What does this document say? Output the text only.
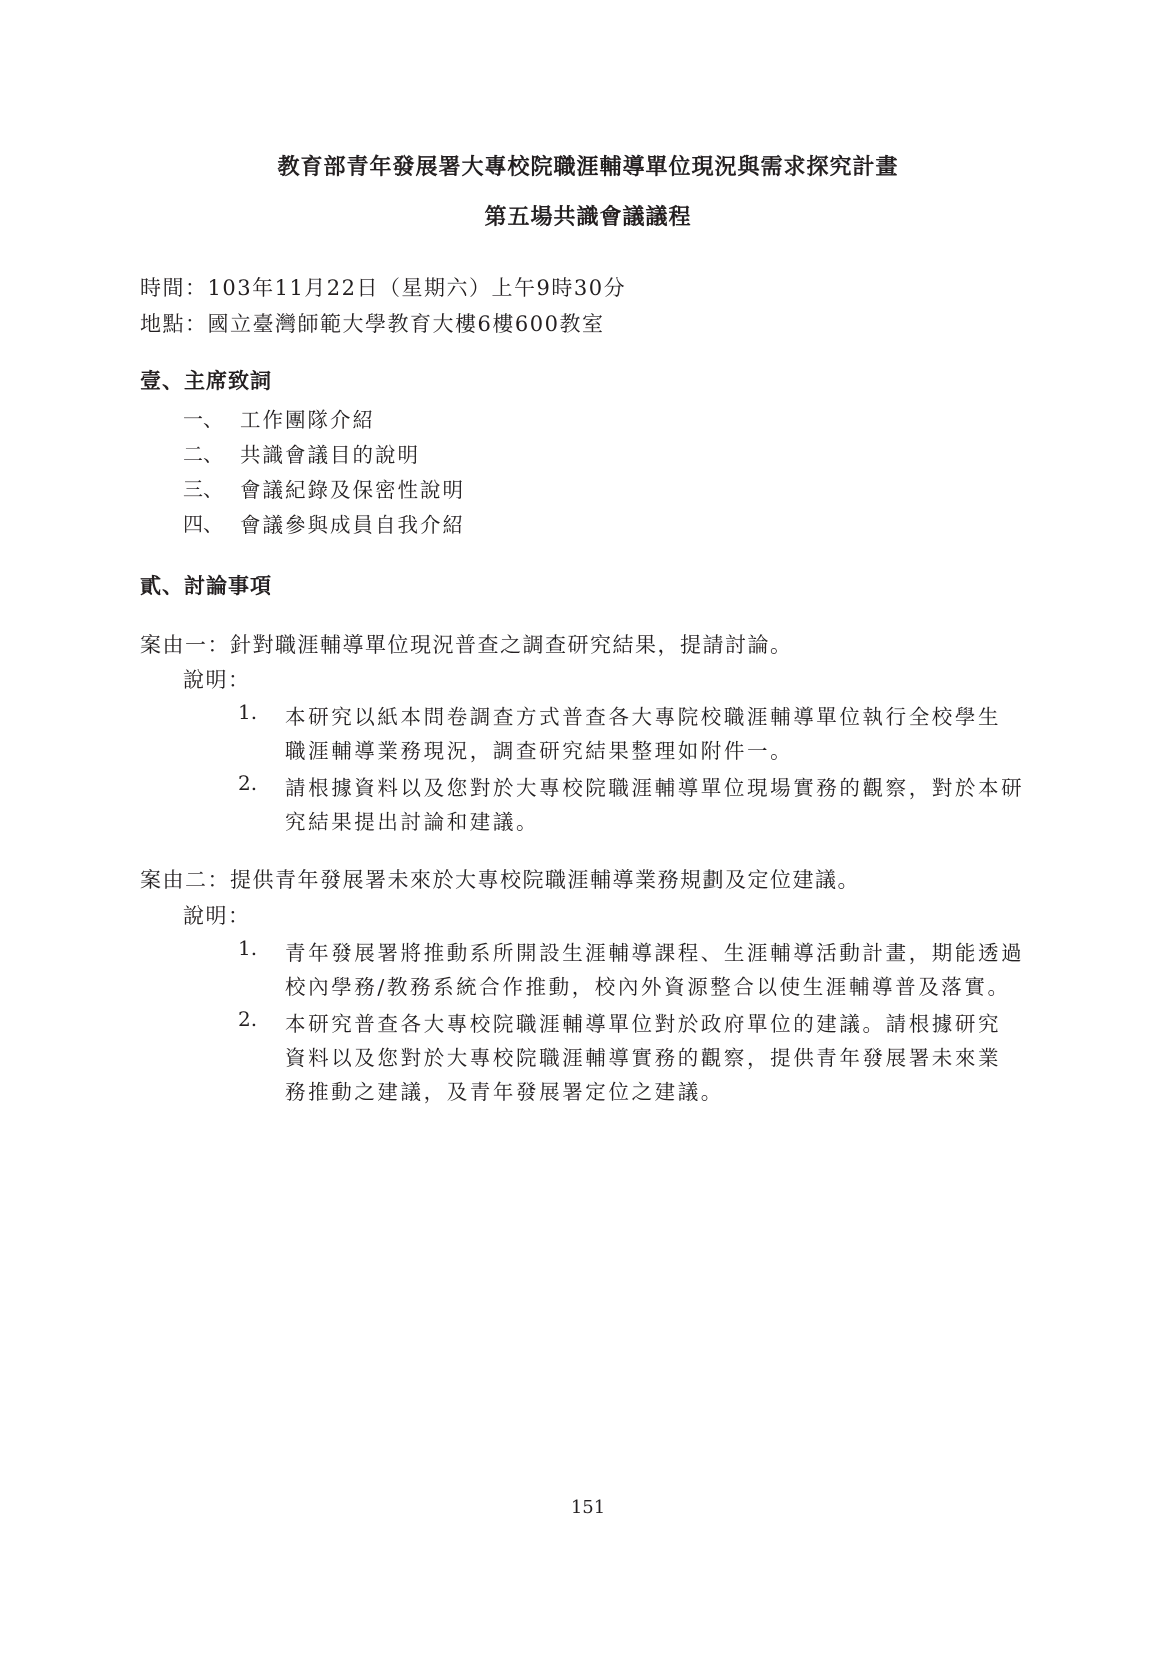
教育部青年發展署大專校院職涯輔導單位現況與需求探究計畫
第五場共識會議議程
時間：103年11月22日（星期六）上午9時30分
地點：國立臺灣師範大學教育大樓6樓600教室
壹、主席致詞
一、 工作團隊介紹
二、 共識會議目的說明
三、 會議紀錄及保密性說明
四、 會議參與成員自我介紹
貳、討論事項
案由一：針對職涯輔導單位現況普查之調查研究結果，提請討論。
說明：
1. 本研究以紙本問卷調查方式普查各大專院校職涯輔導單位執行全校學生
職涯輔導業務現況，調查研究結果整理如附件一。
2. 請根據資料以及您對於大專校院職涯輔導單位現場實務的觀察，對於本研
究結果提出討論和建議。
案由二：提供青年發展署未來於大專校院職涯輔導業務規劃及定位建議。
說明：
1. 青年發展署將推動系所開設生涯輔導課程、生涯輔導活動計畫，期能透過
校內學務/教務系統合作推動，校內外資源整合以使生涯輔導普及落實。
2. 本研究普查各大專校院職涯輔導單位對於政府單位的建議。請根據研究
資料以及您對於大專校院職涯輔導實務的觀察，提供青年發展署未來業
務推動之建議，及青年發展署定位之建議。
151
